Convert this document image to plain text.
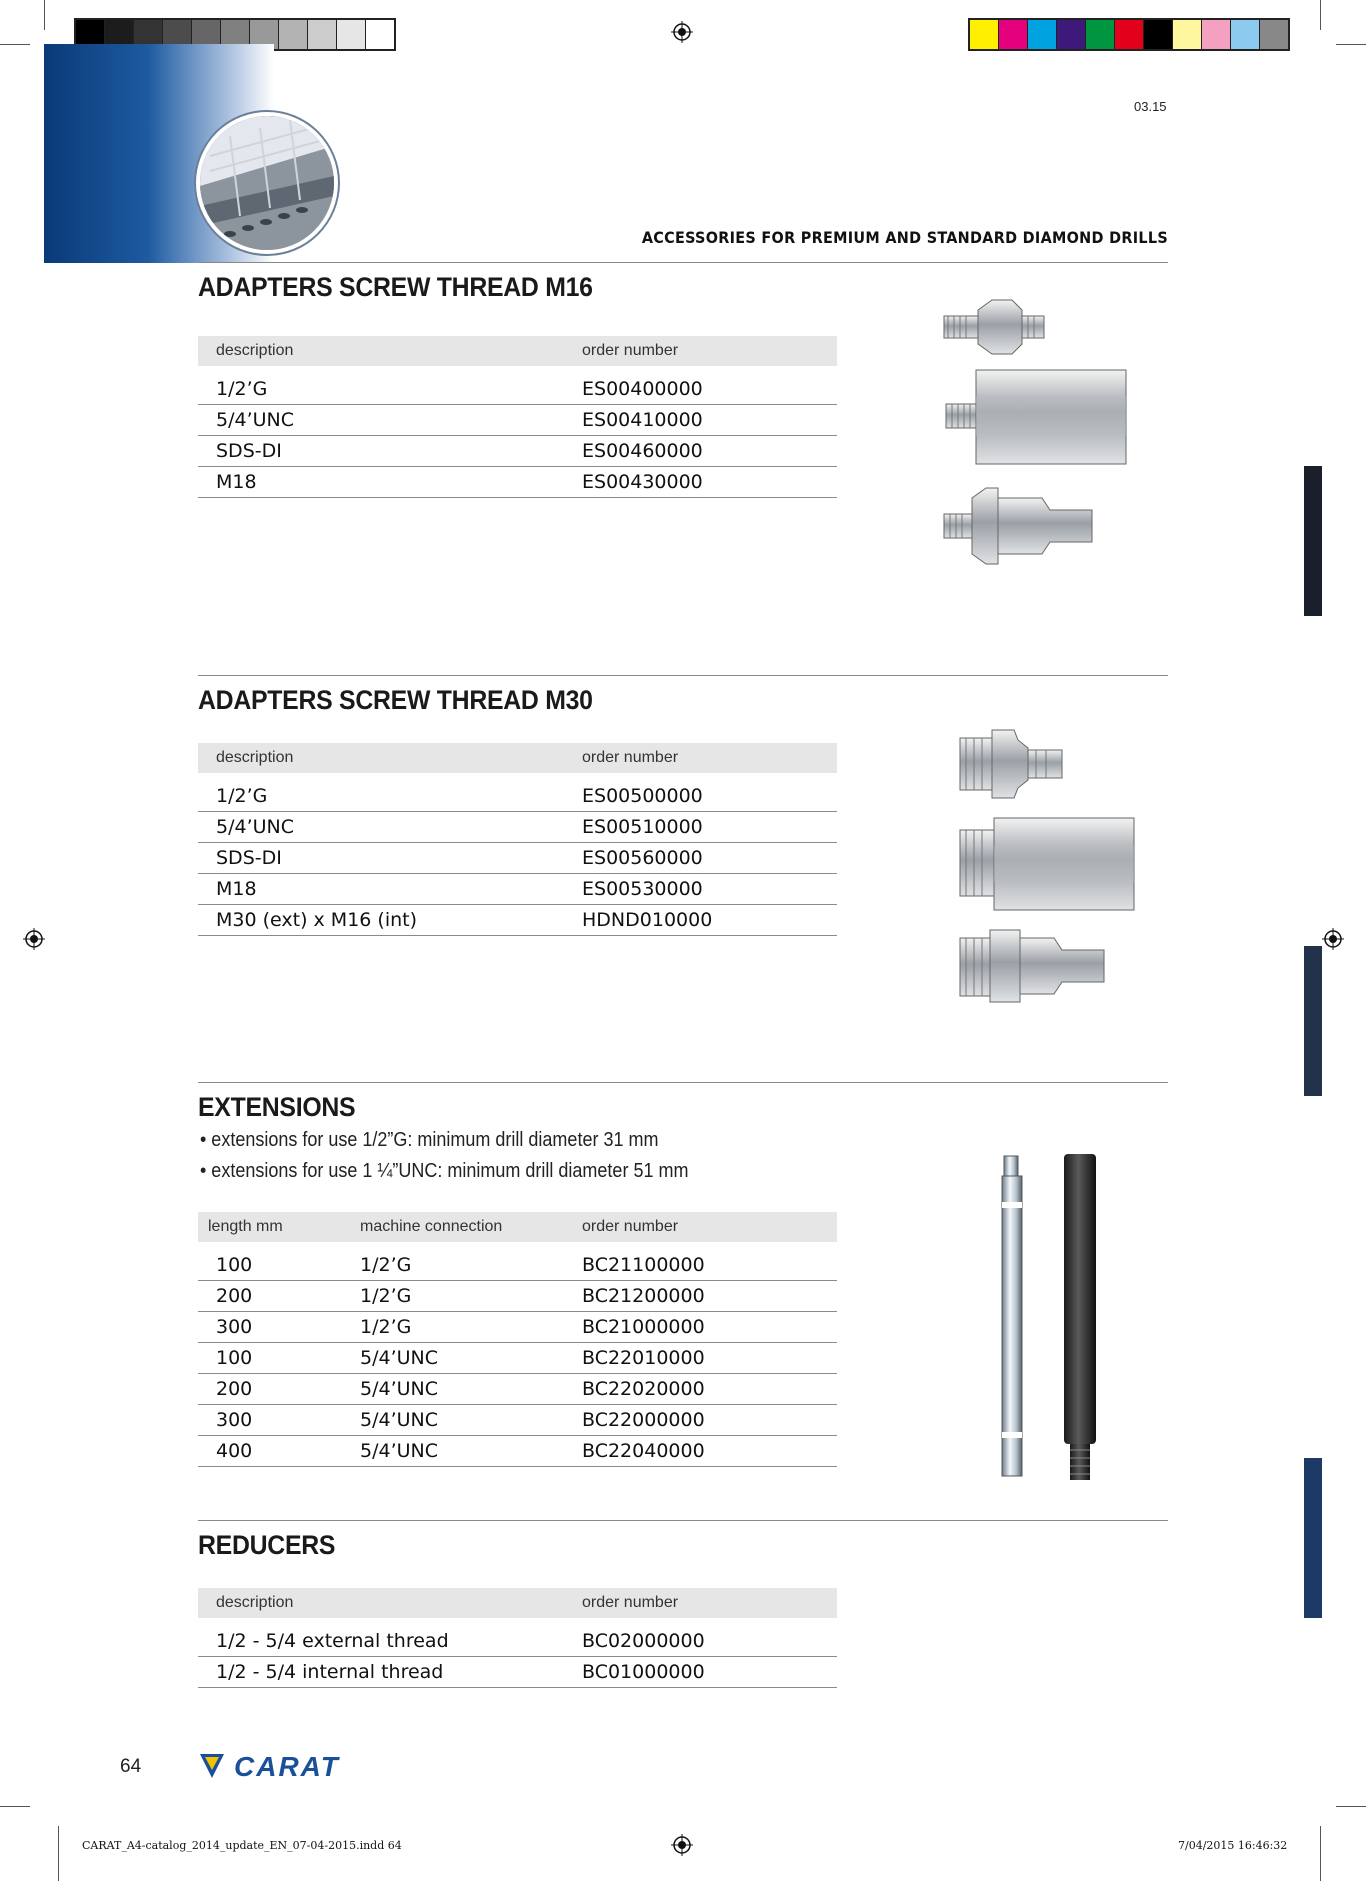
03.15
ACCESSORIES FOR PREMIUM AND STANDARD DIAMOND DRILLS
ADAPTERS SCREW THREAD M16
description	order number

1/2’G	ES00400000
5/4’UNC	ES00410000
SDS-DI	ES00460000
M18	ES00430000
ADAPTERS SCREW THREAD M30
description	order number

1/2’G	ES00500000
5/4’UNC	ES00510000
SDS-DI	ES00560000
M18	ES00530000
M30 (ext) x M16 (int)	HDND010000
EXTENSIONS
• extensions for use 1/2”G: minimum drill diameter 31 mm
• extensions for use 1 ¼”UNC: minimum drill diameter 51 mm
length mm	machine connection	order number

100	1/2’G	BC21100000
200	1/2’G	BC21200000
300	1/2’G	BC21000000
100	5/4’UNC	BC22010000
200	5/4’UNC	BC22020000
300	5/4’UNC	BC22000000
400	5/4’UNC	BC22040000
REDUCERS
description	order number

1/2 - 5/4 external thread	BC02000000
1/2 - 5/4 internal thread	BC01000000
64	CARAT
CARAT_A4-catalog_2014_update_EN_07-04-2015.indd 64	7/04/2015 16:46:32
